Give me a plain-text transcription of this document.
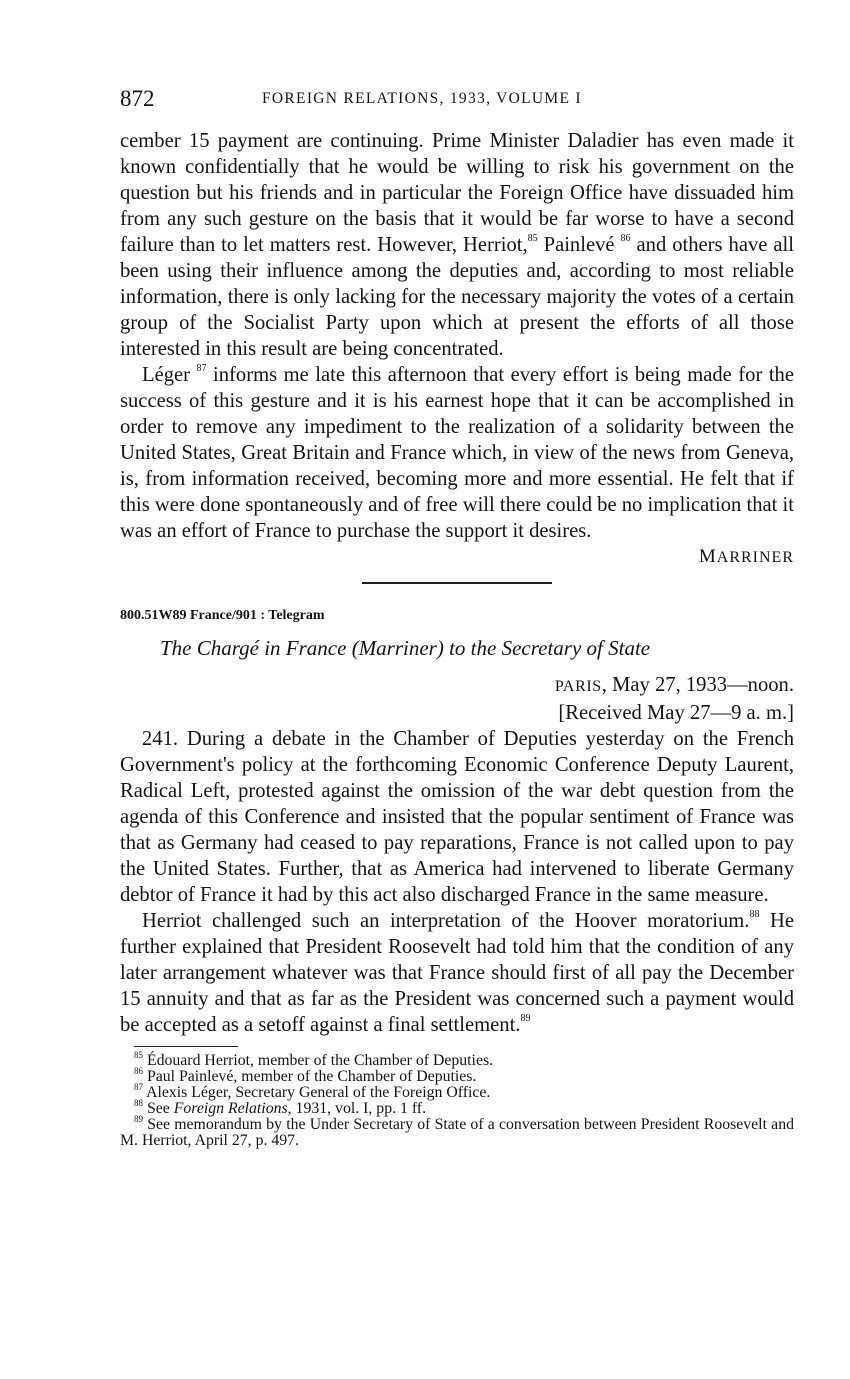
872	FOREIGN RELATIONS, 1933, VOLUME I

cember 15 payment are continuing. Prime Minister Daladier has even made it known confidentially that he would be willing to risk his government on the question but his friends and in particular the Foreign Office have dissuaded him from any such gesture on the basis that it would be far worse to have a second failure than to let matters rest. However, Herriot,$^{85}$ Painlevé $^{86}$ and others have all been using their influence among the deputies and, according to most reliable information, there is only lacking for the necessary majority the votes of a certain group of the Socialist Party upon which at present the efforts of all those interested in this result are being concentrated.

Léger $^{87}$ informs me late this afternoon that every effort is being made for the success of this gesture and it is his earnest hope that it can be accomplished in order to remove any impediment to the realization of a solidarity between the United States, Great Britain and France which, in view of the news from Geneva, is, from information received, becoming more and more essential. He felt that if this were done spontaneously and of free will there could be no implication that it was an effort of France to purchase the support it desires.

MARRINER
800.51W89 France/901 : Telegram
The Chargé in France (Marriner) to the Secretary of State
PARIS, May 27, 1933—noon.
[Received May 27—9 a. m.]

241. During a debate in the Chamber of Deputies yesterday on the French Government's policy at the forthcoming Economic Conference Deputy Laurent, Radical Left, protested against the omission of the war debt question from the agenda of this Conference and insisted that the popular sentiment of France was that as Germany had ceased to pay reparations, France is not called upon to pay the United States. Further, that as America had intervened to liberate Germany debtor of France it had by this act also discharged France in the same measure.

Herriot challenged such an interpretation of the Hoover moratorium.$^{88}$ He further explained that President Roosevelt had told him that the condition of any later arrangement whatever was that France should first of all pay the December 15 annuity and that as far as the President was concerned such a payment would be accepted as a setoff against a final settlement.$^{89}$

$^{85}$ Édouard Herriot, member of the Chamber of Deputies.

$^{86}$ Paul Painlevé, member of the Chamber of Deputies.

$^{87}$ Alexis Léger, Secretary General of the Foreign Office.

$^{88}$ See Foreign Relations, 1931, vol. I, pp. 1 ff.

$^{89}$ See memorandum by the Under Secretary of State of a conversation between President Roosevelt and M. Herriot, April 27, p. 497.
